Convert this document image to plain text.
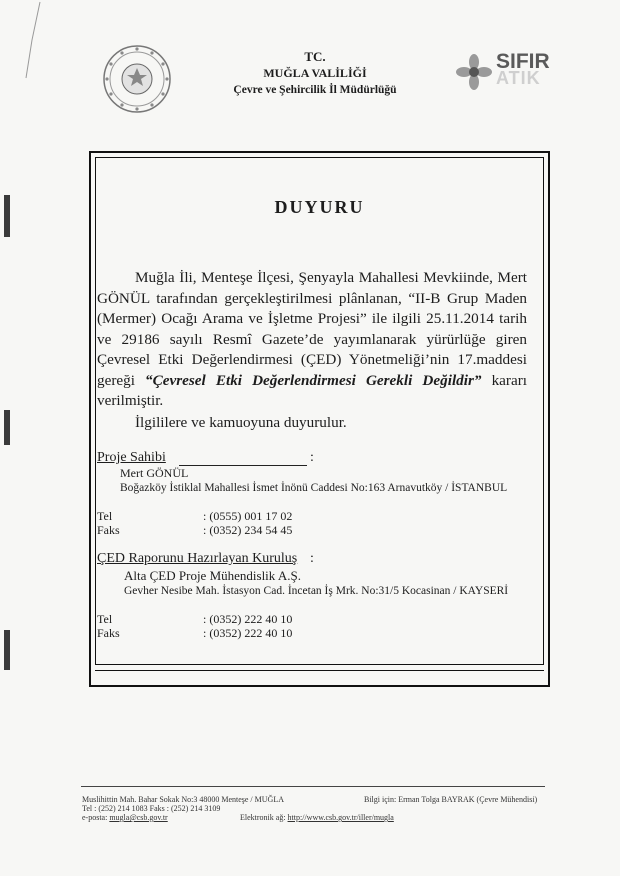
TC.
MUĞLA VALİLİĞİ
Çevre ve Şehircilik İl Müdürlüğü
SIFIR
ATIK
DUYURU

Muğla İli, Menteşe İlçesi, Şenyayla Mahallesi Mevkiinde, Mert GÖNÜL tarafından gerçekleştirilmesi plânlanan, “II-B Grup Maden (Mermer) Ocağı Arama ve İşletme Projesi” ile ilgili 25.11.2014 tarih ve 29186 sayılı Resmî Gazete’de yayımlanarak yürürlüğe giren Çevresel Etki Değerlendirmesi (ÇED) Yönetmeliği’nin 17.maddesi gereği “Çevresel Etki Değerlendirmesi Gerekli Değildir” kararı verilmiştir.

İlgililere ve kamuoyuna duyurulur.

Proje Sahibi	:
Mert GÖNÜL
Boğazköy İstiklal Mahallesi İsmet İnönü Caddesi No:163 Arnavutköy / İSTANBUL
Tel	: (0555) 001 17 02
Faks	: (0352) 234 54 45
ÇED Raporunu Hazırlayan Kuruluş :
Alta ÇED Proje Mühendislik A.Ş.
Gevher Nesibe Mah. İstasyon Cad. İncetan İş Mrk. No:31/5 Kocasinan / KAYSERİ
Tel	: (0352) 222 40 10
Faks	: (0352) 222 40 10
Muslihittin Mah. Bahar Sokak No:3 48000 Menteşe / MUĞLA
Tel : (252) 214 1083 Faks : (252) 214 3109
e-posta: mugla@csb.gov.tr
Bilgi için: Erman Tolga BAYRAK (Çevre Mühendisi)
Elektronik ağ: http://www.csb.gov.tr/iller/mugla
